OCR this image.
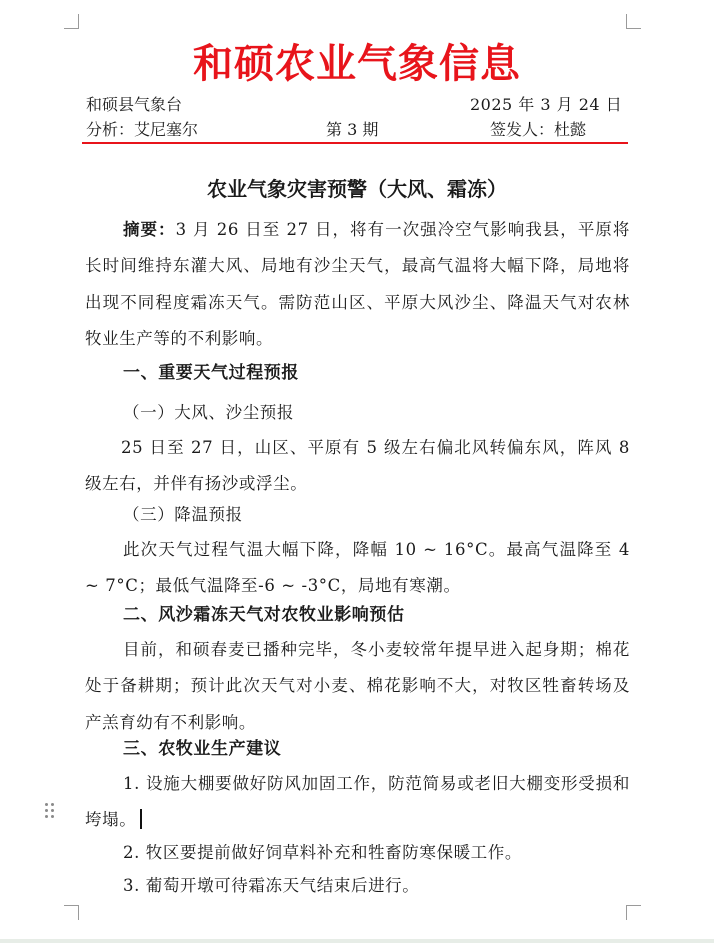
和硕农业气象信息
和硕县气象台	2025 年 3 月 24 日
分析：艾尼塞尔	第 3 期	签发人：杜懿
农业气象灾害预警（大风、霜冻）
摘要：3 月 26 日至 27 日，将有一次强冷空气影响我县，平原将长时间维持东灌大风、局地有沙尘天气，最高气温将大幅下降，局地将出现不同程度霜冻天气。需防范山区、平原大风沙尘、降温天气对农林牧业生产等的不利影响。
一、重要天气过程预报
（一）大风、沙尘预报
25 日至 27 日，山区、平原有 5 级左右偏北风转偏东风，阵风 8 级左右，并伴有扬沙或浮尘。
（三）降温预报
此次天气过程气温大幅下降，降幅 10 ~ 16°C。最高气温降至 4 ~ 7°C；最低气温降至-6 ~ -3°C，局地有寒潮。
二、风沙霜冻天气对农牧业影响预估
目前，和硕春麦已播种完毕，冬小麦较常年提早进入起身期；棉花处于备耕期；预计此次天气对小麦、棉花影响不大，对牧区牲畜转场及产羔育幼有不利影响。
三、农牧业生产建议
1. 设施大棚要做好防风加固工作，防范简易或老旧大棚变形受损和垮塌。
2. 牧区要提前做好饲草料补充和牲畜防寒保暖工作。
3. 葡萄开墩可待霜冻天气结束后进行。
